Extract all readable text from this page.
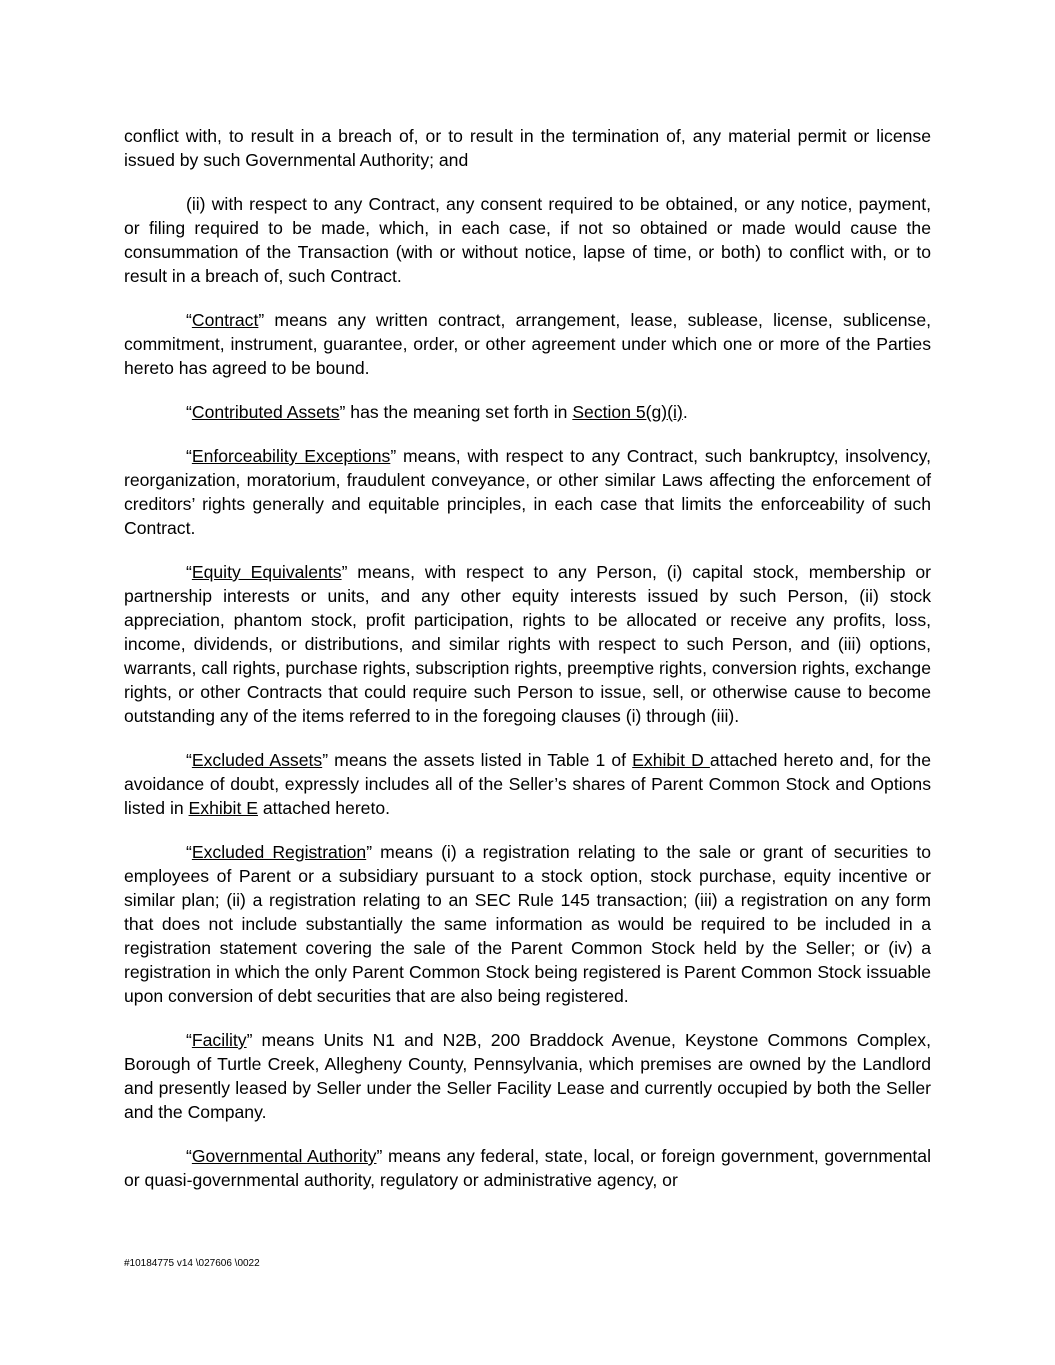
conflict with, to result in a breach of, or to result in the termination of, any material permit or license issued by such Governmental Authority; and

(ii) with respect to any Contract, any consent required to be obtained, or any notice, payment, or filing required to be made, which, in each case, if not so obtained or made would cause the consummation of the Transaction (with or without notice, lapse of time, or both) to conflict with, or to result in a breach of, such Contract.

“Contract” means any written contract, arrangement, lease, sublease, license, sublicense, commitment, instrument, guarantee, order, or other agreement under which one or more of the Parties hereto has agreed to be bound.

“Contributed Assets” has the meaning set forth in Section 5(g)(i).

“Enforceability Exceptions” means, with respect to any Contract, such bankruptcy, insolvency, reorganization, moratorium, fraudulent conveyance, or other similar Laws affecting the enforcement of creditors’ rights generally and equitable principles, in each case that limits the enforceability of such Contract.

“Equity Equivalents” means, with respect to any Person, (i) capital stock, membership or partnership interests or units, and any other equity interests issued by such Person, (ii) stock appreciation, phantom stock, profit participation, rights to be allocated or receive any profits, loss, income, dividends, or distributions, and similar rights with respect to such Person, and (iii) options, warrants, call rights, purchase rights, subscription rights, preemptive rights, conversion rights, exchange rights, or other Contracts that could require such Person to issue, sell, or otherwise cause to become outstanding any of the items referred to in the foregoing clauses (i) through (iii).

“Excluded Assets” means the assets listed in Table 1 of Exhibit D attached hereto and, for the avoidance of doubt, expressly includes all of the Seller’s shares of Parent Common Stock and Options listed in Exhibit E attached hereto.

“Excluded Registration” means (i) a registration relating to the sale or grant of securities to employees of Parent or a subsidiary pursuant to a stock option, stock purchase, equity incentive or similar plan; (ii) a registration relating to an SEC Rule 145 transaction; (iii) a registration on any form that does not include substantially the same information as would be required to be included in a registration statement covering the sale of the Parent Common Stock held by the Seller; or (iv) a registration in which the only Parent Common Stock being registered is Parent Common Stock issuable upon conversion of debt securities that are also being registered.

“Facility” means Units N1 and N2B, 200 Braddock Avenue, Keystone Commons Complex, Borough of Turtle Creek, Allegheny County, Pennsylvania, which premises are owned by the Landlord and presently leased by Seller under the Seller Facility Lease and currently occupied by both the Seller and the Company.

“Governmental Authority” means any federal, state, local, or foreign government, governmental or quasi-governmental authority, regulatory or administrative agency, or

#10184775 v14 \027606 \0022
